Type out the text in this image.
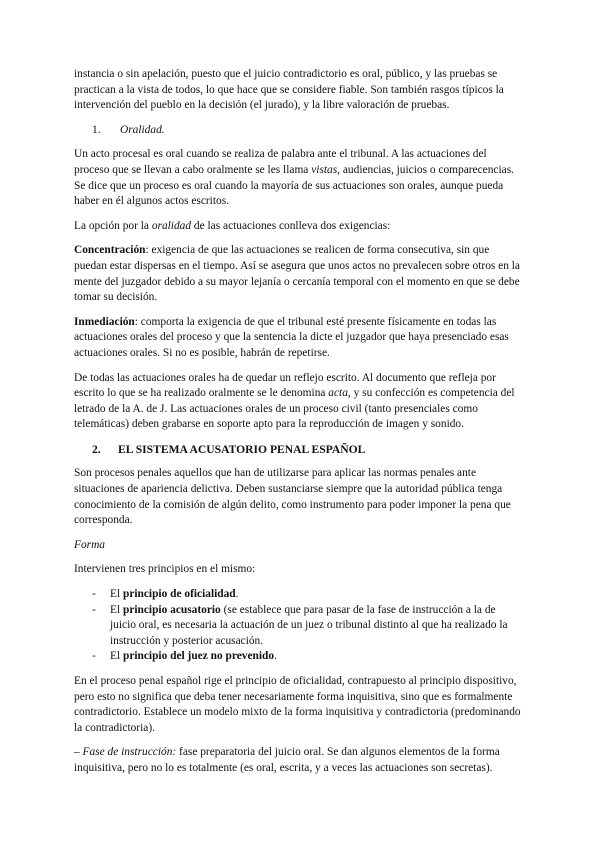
instancia o sin apelación, puesto que el juicio contradictorio es oral, público, y las pruebas se practican a la vista de todos, lo que hace que se considere fiable. Son también rasgos típicos la intervención del pueblo en la decisión (el jurado), y la libre valoración de pruebas.

1.	Oralidad.

Un acto procesal es oral cuando se realiza de palabra ante el tribunal. A las actuaciones del proceso que se llevan a cabo oralmente se les llama vistas, audiencias, juicios o comparecencias. Se dice que un proceso es oral cuando la mayoría de sus actuaciones son orales, aunque pueda haber en él algunos actos escritos.

La opción por la oralidad de las actuaciones conlleva dos exigencias:

Concentración: exigencia de que las actuaciones se realicen de forma consecutiva, sin que puedan estar dispersas en el tiempo. Así se asegura que unos actos no prevalecen sobre otros en la mente del juzgador debido a su mayor lejanía o cercanía temporal con el momento en que se debe tomar su decisión.

Inmediación: comporta la exigencia de que el tribunal esté presente físicamente en todas las actuaciones orales del proceso y que la sentencia la dicte el juzgador que haya presenciado esas actuaciones orales. Si no es posible, habrán de repetirse.

De todas las actuaciones orales ha de quedar un reflejo escrito. Al documento que refleja por escrito lo que se ha realizado oralmente se le denomina acta, y su confección es competencia del letrado de la A. de J. Las actuaciones orales de un proceso civil (tanto presenciales como telemáticas) deben grabarse en soporte apto para la reproducción de imagen y sonido.

2.	EL SISTEMA ACUSATORIO PENAL ESPAÑOL

Son procesos penales aquellos que han de utilizarse para aplicar las normas penales ante situaciones de apariencia delictiva. Deben sustanciarse siempre que la autoridad pública tenga conocimiento de la comisión de algún delito, como instrumento para poder imponer la pena que corresponda.

Forma

Intervienen tres principios en el mismo:

-	El principio de oficialidad.
-	El principio acusatorio (se establece que para pasar de la fase de instrucción a la de juicio oral, es necesaria la actuación de un juez o tribunal distinto al que ha realizado la instrucción y posterior acusación.
-	El principio del juez no prevenido.

En el proceso penal español rige el principio de oficialidad, contrapuesto al principio dispositivo, pero esto no significa que deba tener necesariamente forma inquisitiva, sino que es formalmente contradictorio. Establece un modelo mixto de la forma inquisitiva y contradictoria (predominando la contradictoria).

– Fase de instrucción: fase preparatoria del juicio oral. Se dan algunos elementos de la forma inquisitiva, pero no lo es totalmente (es oral, escrita, y a veces las actuaciones son secretas).
